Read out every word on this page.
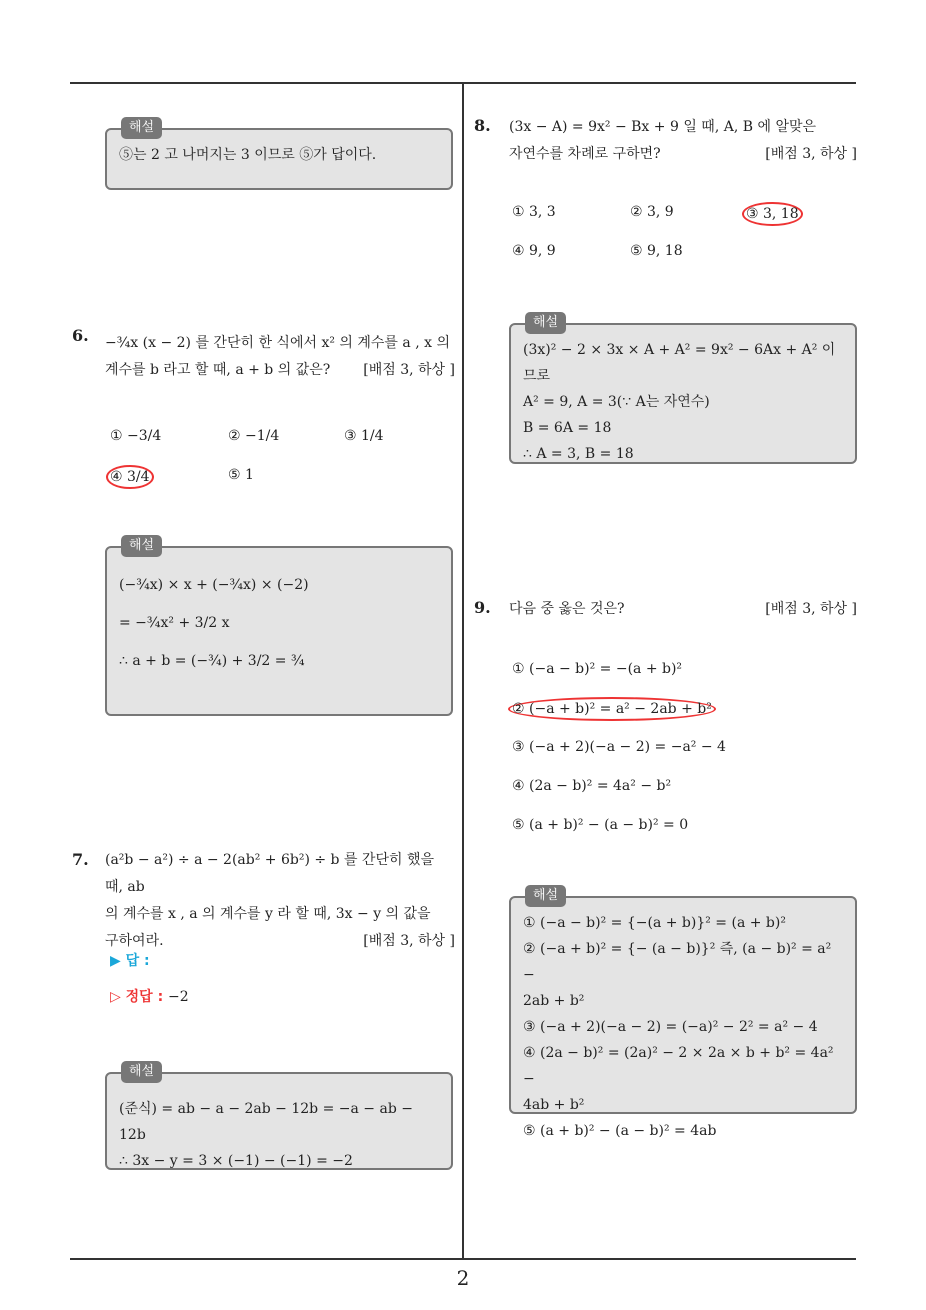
해설
⑤는 2 고 나머지는 3 이므로 ⑤가 답이다.
6. −¾x (x − 2) 를 간단히 한 식에서 x² 의 계수를 a , x 의
계수를 b 라고 할 때, a + b 의 값은? [배점 3, 하상 ]
① −3/4	② −1/4	③ 1/4
④ 3/4	⑤ 1
해설
(−¾x) × x + (−¾x) × (−2)
= −¾x² + 3/2 x
∴ a + b = (−¾) + 3/2 = ¾
7. (a²b − a²) ÷ a − 2(ab² + 6b²) ÷ b 를 간단히 했을 때, ab
의 계수를 x , a 의 계수를 y 라 할 때, 3x − y 의 값을
구하여라.	[배점 3, 하상 ]
▶ 답 :
▷ 정답 : −2
해설
(준식) = ab − a − 2ab − 12b = −a − ab − 12b
∴ 3x − y = 3 × (−1) − (−1) = −2
8. (3x − A) = 9x² − Bx + 9 일 때, A, B 에 알맞은
자연수를 차례로 구하면?	[배점 3, 하상 ]
① 3, 3	② 3, 9	③ 3, 18
④ 9, 9	⑤ 9, 18
해설
(3x)² − 2 × 3x × A + A² = 9x² − 6Ax + A² 이므로
A² = 9, A = 3(∵ A는 자연수)
B = 6A = 18
∴ A = 3, B = 18
9. 다음 중 옳은 것은?	[배점 3, 하상 ]
① (−a − b)² = −(a + b)²
② (−a + b)² = a² − 2ab + b²
③ (−a + 2)(−a − 2) = −a² − 4
④ (2a − b)² = 4a² − b²
⑤ (a + b)² − (a − b)² = 0
해설
① (−a − b)² = {−(a + b)}² = (a + b)²
② (−a + b)² = {− (a − b)}² 즉, (a − b)² = a² −
2ab + b²
③ (−a + 2)(−a − 2) = (−a)² − 2² = a² − 4
④ (2a − b)² = (2a)² − 2 × 2a × b + b² = 4a² −
4ab + b²
⑤ (a + b)² − (a − b)² = 4ab
2
